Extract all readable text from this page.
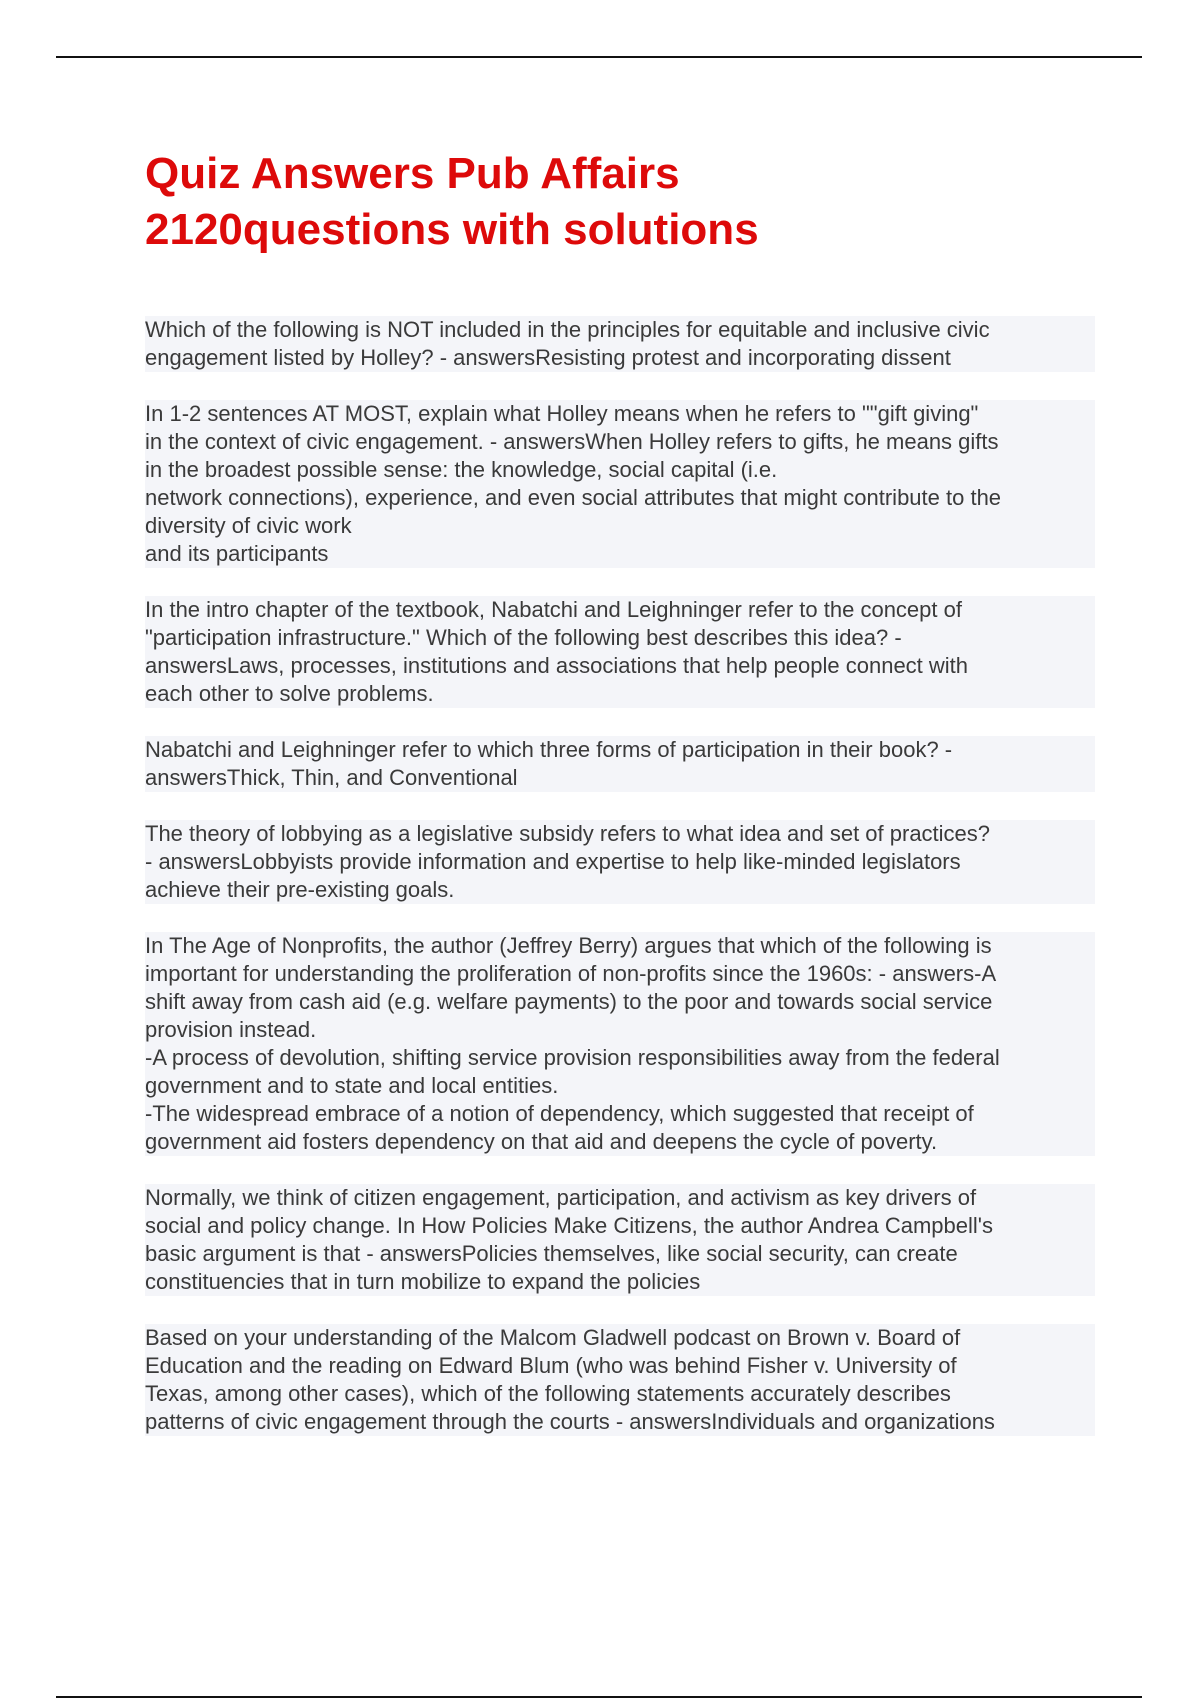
Quiz Answers Pub Affairs
2120questions with solutions
Which of the following is NOT included in the principles for equitable and inclusive civic
engagement listed by Holley? - answersResisting protest and incorporating dissent
In 1-2 sentences AT MOST, explain what Holley means when he refers to ""gift giving"
in the context of civic engagement. - answersWhen Holley refers to gifts, he means gifts
in the broadest possible sense: the knowledge, social capital (i.e.
network connections), experience, and even social attributes that might contribute to the
diversity of civic work
and its participants
In the intro chapter of the textbook, Nabatchi and Leighninger refer to the concept of
"participation infrastructure." Which of the following best describes this idea? -
answersLaws, processes, institutions and associations that help people connect with
each other to solve problems.
Nabatchi and Leighninger refer to which three forms of participation in their book? -
answersThick, Thin, and Conventional
The theory of lobbying as a legislative subsidy refers to what idea and set of practices?
- answersLobbyists provide information and expertise to help like-minded legislators
achieve their pre-existing goals.
In The Age of Nonprofits, the author (Jeffrey Berry) argues that which of the following is
important for understanding the proliferation of non-profits since the 1960s: - answers-A
shift away from cash aid (e.g. welfare payments) to the poor and towards social service
provision instead.
-A process of devolution, shifting service provision responsibilities away from the federal
government and to state and local entities.
-The widespread embrace of a notion of dependency, which suggested that receipt of
government aid fosters dependency on that aid and deepens the cycle of poverty.
Normally, we think of citizen engagement, participation, and activism as key drivers of
social and policy change. In How Policies Make Citizens, the author Andrea Campbell's
basic argument is that - answersPolicies themselves, like social security, can create
constituencies that in turn mobilize to expand the policies
Based on your understanding of the Malcom Gladwell podcast on Brown v. Board of
Education and the reading on Edward Blum (who was behind Fisher v. University of
Texas, among other cases), which of the following statements accurately describes
patterns of civic engagement through the courts - answersIndividuals and organizations
